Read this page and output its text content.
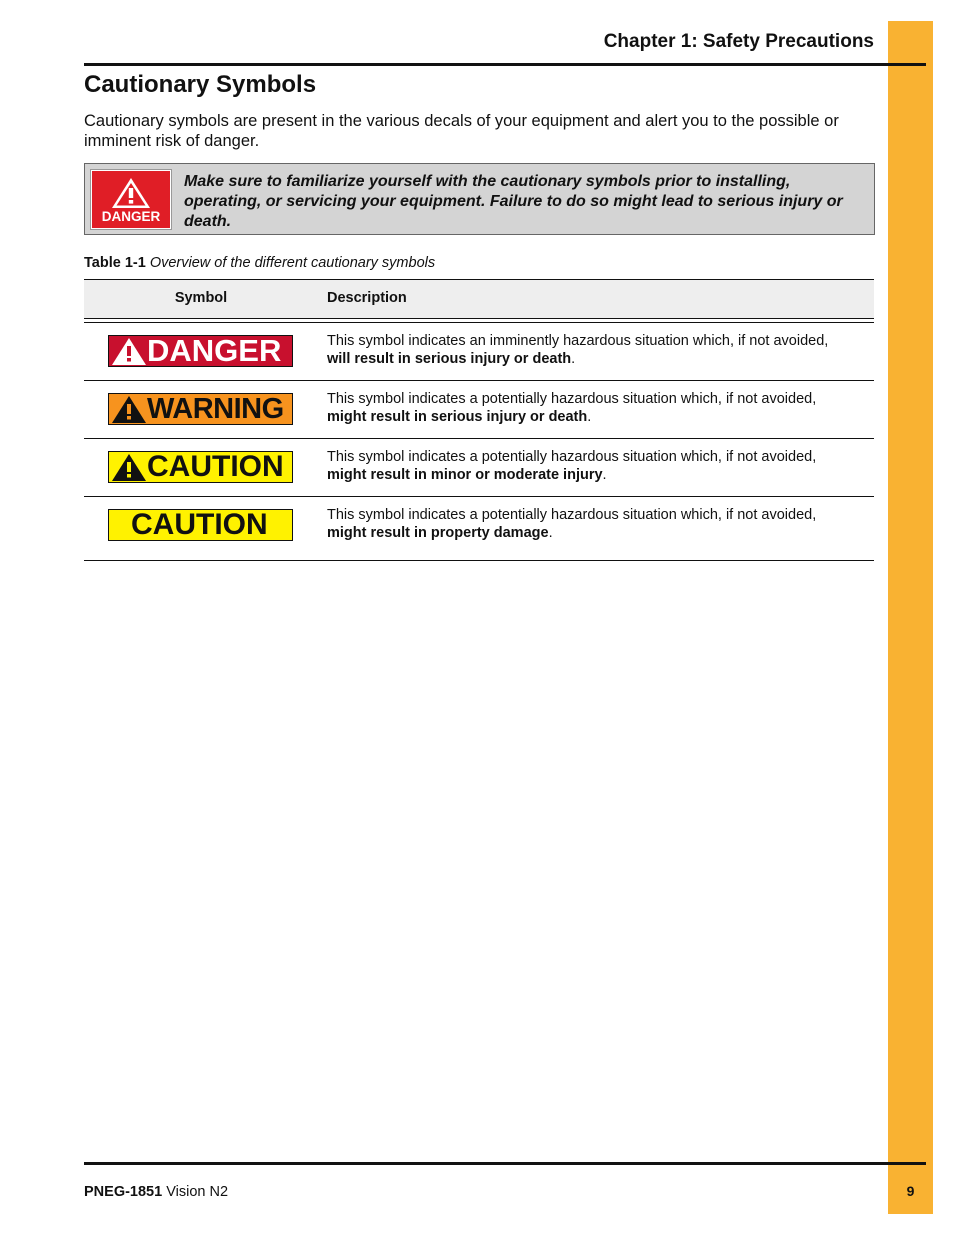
9
Chapter 1: Safety Precautions
Cautionary Symbols
Cautionary symbols are present in the various decals of your equipment and alert you to the possible or imminent risk of danger.
DANGER
Make sure to familiarize yourself with the cautionary symbols prior to installing, operating, or servicing your equipment. Failure to do so might lead to serious injury or death.
Table 1-1 Overview of the different cautionary symbols
Symbol	Description
DANGER	This symbol indicates an imminently hazardous situation which, if not avoided,
will result in serious injury or death.
WARNING	This symbol indicates a potentially hazardous situation which, if not avoided,
might result in serious injury or death.
CAUTION	This symbol indicates a potentially hazardous situation which, if not avoided,
might result in minor or moderate injury.
CAUTION	This symbol indicates a potentially hazardous situation which, if not avoided,
might result in property damage.
PNEG-1851 Vision N2
